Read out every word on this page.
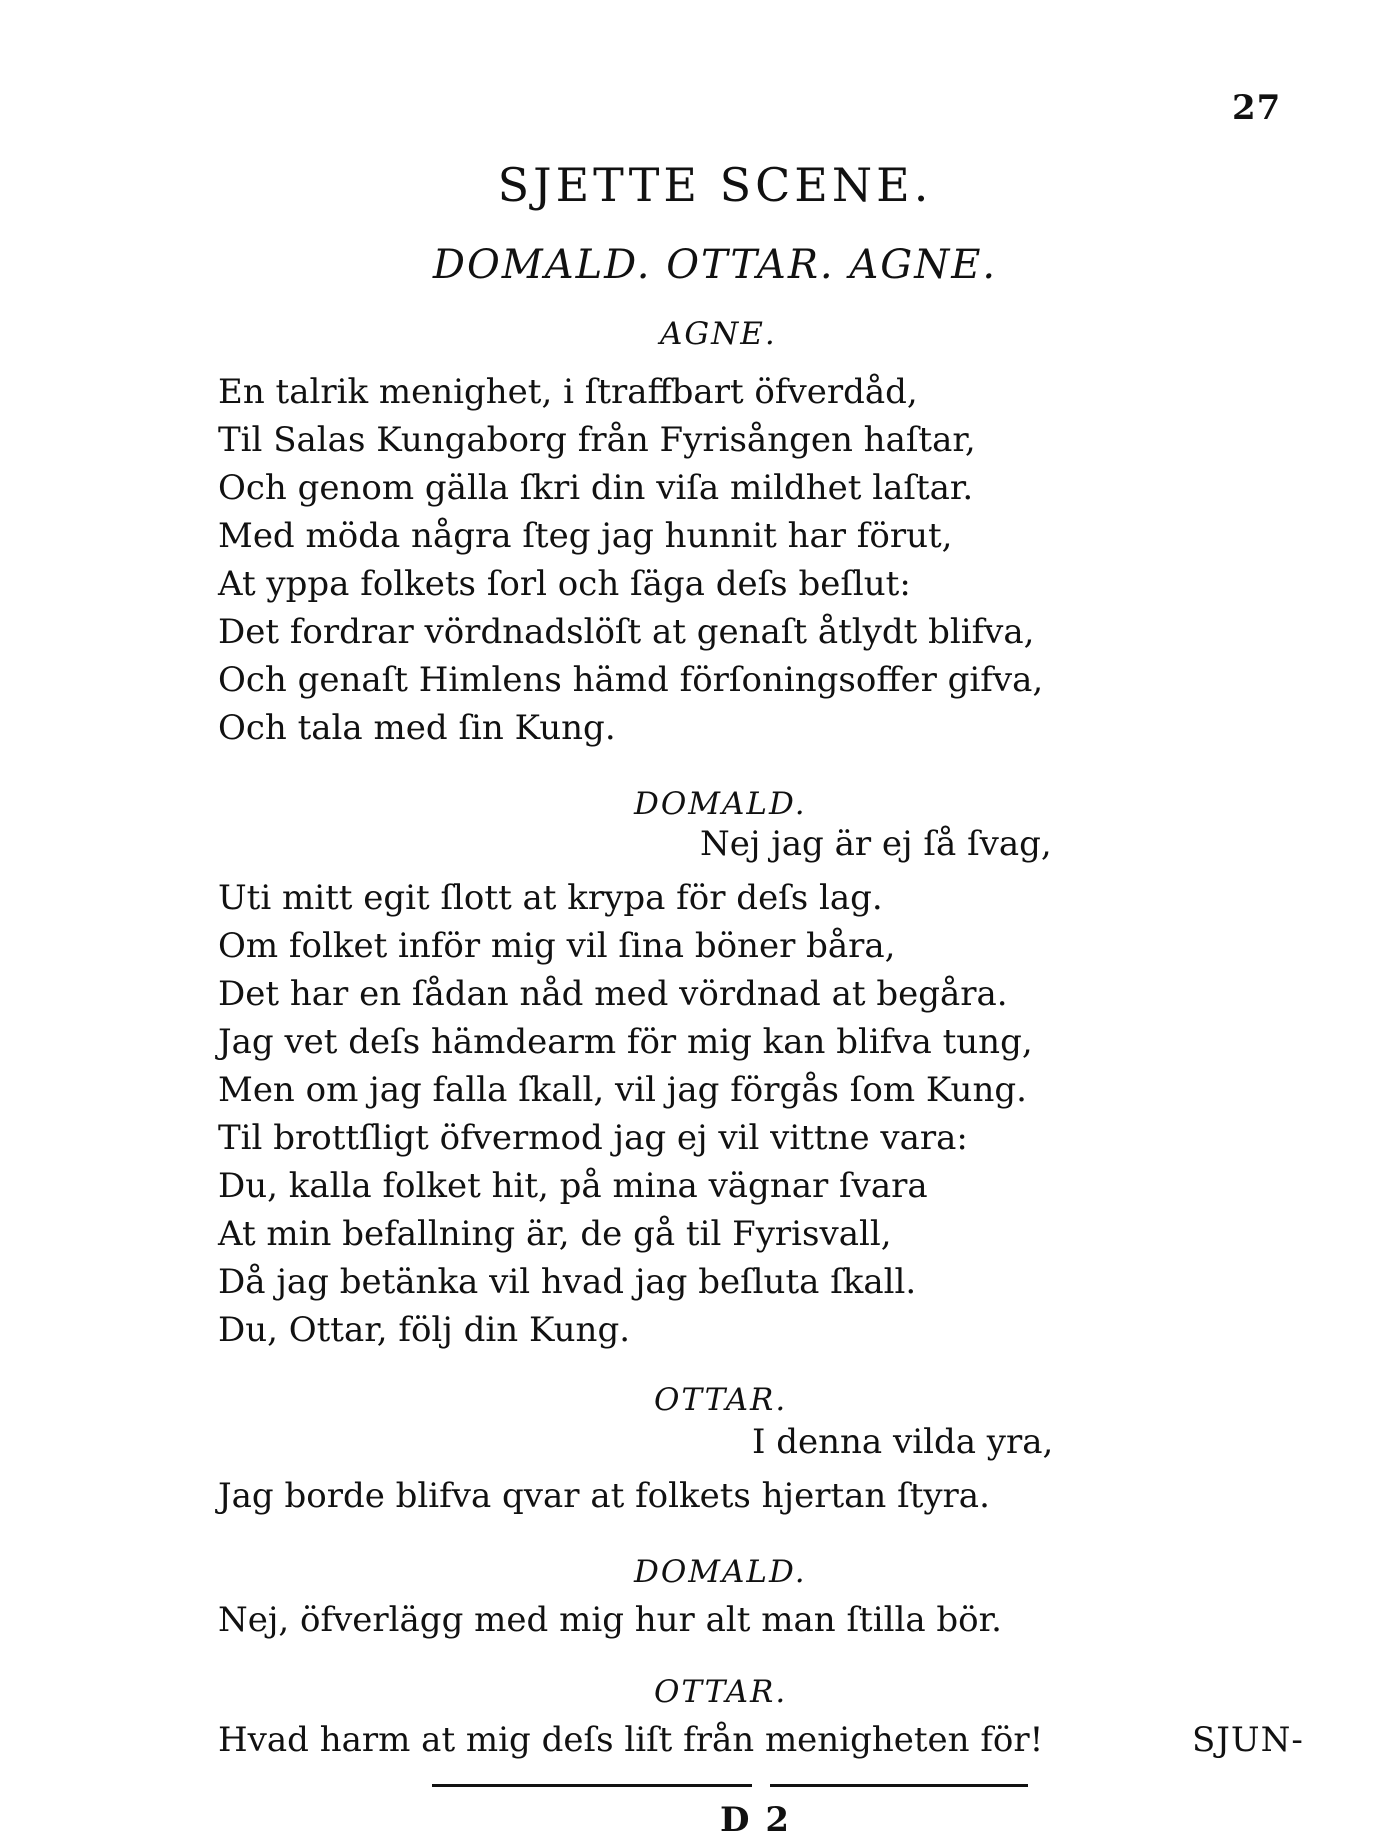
27
SJETTE SCENE.
DOMALD. OTTAR. AGNE.
AGNE.
En talrik menighet, i ſtraffbart öfverdåd,
Til Salas Kungaborg från Fyrisången haſtar,
Och genom gälla ſkri din viſa mildhet laſtar.
Med möda några ſteg jag hunnit har förut,
At yppa folkets ſorl och ſäga deſs beſlut:
Det fordrar vördnadslöſt at genaſt åtlydt blifva,
Och genaſt Himlens hämd förſoningsoffer gifva,
Och tala med ſin Kung.
DOMALD.
Nej jag är ej ſå ſvag,
Uti mitt egit ſlott at krypa för deſs lag.
Om folket inför mig vil ſina böner båra,
Det har en ſådan nåd med vördnad at begåra.
Jag vet deſs hämdearm för mig kan blifva tung,
Men om jag falla ſkall, vil jag förgås ſom Kung.
Til brottſligt öfvermod jag ej vil vittne vara:
Du, kalla folket hit, på mina vägnar ſvara
At min befallning är, de gå til Fyrisvall,
Då jag betänka vil hvad jag beſluta ſkall.
Du, Ottar, följ din Kung.
OTTAR.
I denna vilda yra,
Jag borde blifva qvar at folkets hjertan ſtyra.
DOMALD.
Nej, öfverlägg med mig hur alt man ſtilla bör.
OTTAR.
Hvad harm at mig deſs liſt från menigheten för!	SJUN-
D 2
